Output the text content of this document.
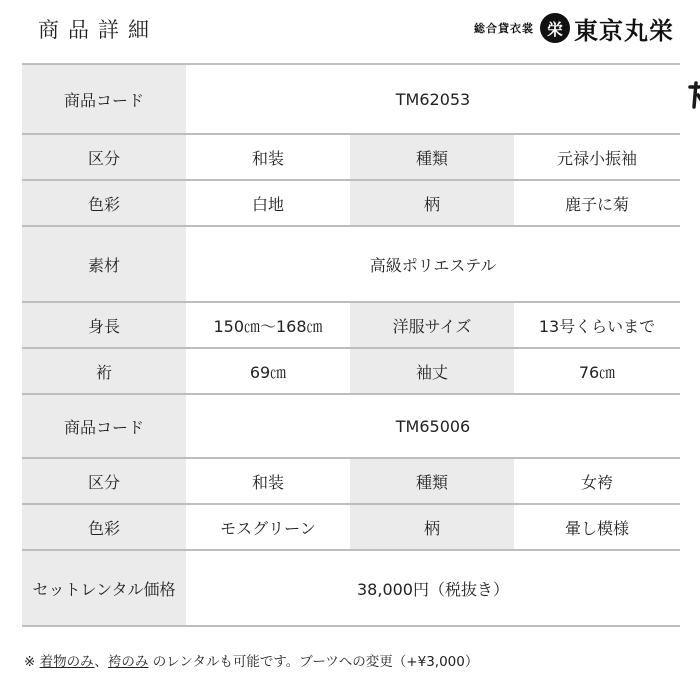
商品詳細	総合貸衣裳 栄 東京丸栄
商品コード	TM62053		

区分	和装	種類	元禄小振袖
色彩	白地	柄	鹿子に菊
素材	高級ポリエステル		
身長	150㎝～168㎝	洋服サイズ	13号くらいまで
裄	69㎝	袖丈	76㎝
商品コード	TM65006		
区分	和装	種類	女袴
色彩	モスグリーン	柄	暈し模様
セットレンタル価格	38,000円（税抜き）		
※ 着物のみ、袴のみ のレンタルも可能です。ブーツへの変更（+¥3,000）
